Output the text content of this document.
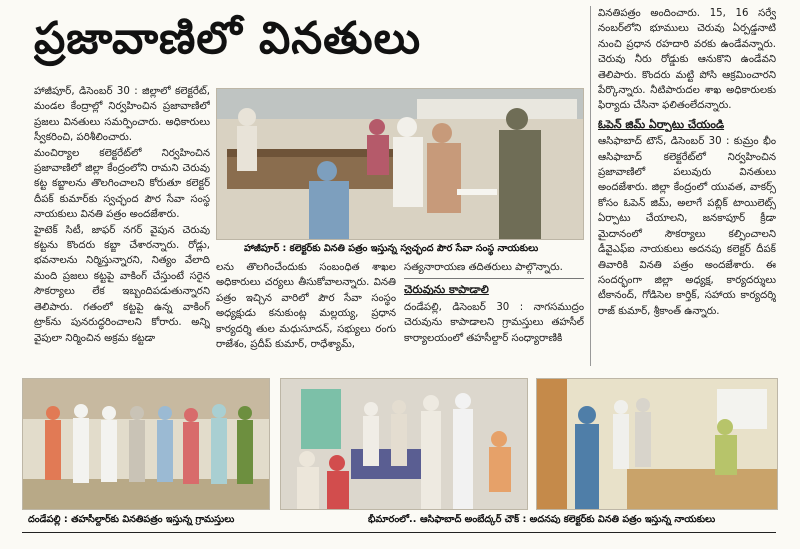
ప్రజావాణిలో వినతులు

హాజీపూర్‌, డిసెంబర్‌ 30 : జిల్లాలో కలెక్టరేట్‌, మండల కేంద్రాల్లో నిర్వహించిన ప్రజావాణిలో ప్రజలు వినతులు సమర్పించారు. అధికారులు స్వీకరించి, పరిశీలించారు.

మంచిర్యాల కలెక్టరేట్‌లో నిర్వహించిన ప్రజావాణిలో జిల్లా కేంద్రంలోని రామని చెరువు కట్ట కబ్జాలను తొలగించాలని కోరుతూ కలెక్టర్‌ దీపక్‌ కుమార్‌కు స్వచ్ఛంద పౌర సేవా సంస్థ నాయకులు వినతి పత్రం అందజేశారు.

హైటెక్‌ సిటీ, జాఫర్‌ నగర్‌ వైపున చెరువు కట్టను కొందరు కబ్జా చేశారన్నారు. రోడ్లు, భవనాలను నిర్మిస్తున్నారని, నిత్యం వేలాది మంది ప్రజలు కట్టపై వాకింగ్‌ చేస్తుంటే సరైన సౌకర్యాలు లేక ఇబ్బందిపడుతున్నారని తెలిపారు. గతంలో కట్టపై ఉన్న వాకింగ్‌ ట్రాక్‌ను పునరుద్ధరించాలని కోరారు. అన్ని వైపులా నిర్మించిన అక్రమ కట్టడా

హాజీపూర్‌ : కలెక్టర్‌కు వినతి పత్రం ఇస్తున్న స్వచ్ఛంద పౌర సేవా సంస్థ నాయకులు

లను తొలగించేందుకు సంబంధిత శాఖల అధికారులు చర్యలు తీసుకోవాలన్నారు. వినతి పత్రం ఇచ్చిన వారిలో పౌర సేవా సంస్థం అధ్యక్షుడు కనుకుంట్ల మల్లయ్య, ప్రధాన కార్యదర్శి తుల మధుసూదన్‌, సభ్యులు రంగు రాజేశం, ప్రదీప్‌ కుమార్‌, రాధేశ్యామ్‌,

సత్యనారాయణ తదితరులు పాల్గొన్నారు.

చెరువును కాపాడాలి

దండేపల్లి, డిసెంబర్‌ 30 : నాగసముద్రం చెరువును కాపాడాలని గ్రామస్తులు తహసీల్‌ కార్యాలయంలో తహసీల్దార్‌ సంధ్యారాణికి

వినతిపత్రం అందించారు. 15, 16 సర్వే నంబర్‌లోని భూములు చెరువు ఏర్పడ్డనాటి నుంచి ప్రధాన రహదారి వరకు ఉండేవన్నారు. చెరువు నీరు రోడ్డుకు ఆనుకొని ఉండేవని తెలిపారు. కొందరు మట్టి పోసి ఆక్రమించారని పేర్కొన్నారు. నీటిపారుదల శాఖ అధికారులకు ఫిర్యాదు చేసినా ఫలితంలేదన్నారు.

ఓపెన్‌ జిమ్‌ ఏర్పాటు చేయండి

ఆసిఫాబాద్‌ టౌన్‌, డిసెంబర్‌ 30 : కుమ్రం భీం ఆసిఫాబాద్‌ కలెక్టరేట్‌లో నిర్వహించిన ప్రజావాణిలో పలువురు వినతులు అందజేశారు. జిల్లా కేంద్రంలో యువత, వాకర్స్‌ కోసం ఓపెన్‌ జిమ్‌, అలాగే పబ్లిక్‌ టాయిలెట్స్‌ ఏర్పాటు చేయాలని, జనకాపూర్‌ క్రీడా మైదానంలో సౌకర్యాలు కల్పించాలని డీవైఎఫ్‌ఐ నాయకులు అదనపు కలెక్టర్‌ దీపక్‌ తివారికి వినతి పత్రం అందజేశారు. ఈ సందర్భంగా జిల్లా అధ్యక్ష, కార్యదర్శులు టీకానంద్‌, గోడిసెల కార్తిక్‌, సహాయ కార్యదర్శి రాజ్‌ కుమార్‌, శ్రీకాంత్‌ ఉన్నారు.

దండేపల్లి : తహసీల్దార్‌కు వినతిపత్రం ఇస్తున్న గ్రామస్తులు	భీమారంలో.. ఆసిఫాబాద్‌ అంబేద్కర్‌ చౌక్‌ : అదనపు కలెక్టర్‌కు వినతి పత్రం ఇస్తున్న నాయకులు
